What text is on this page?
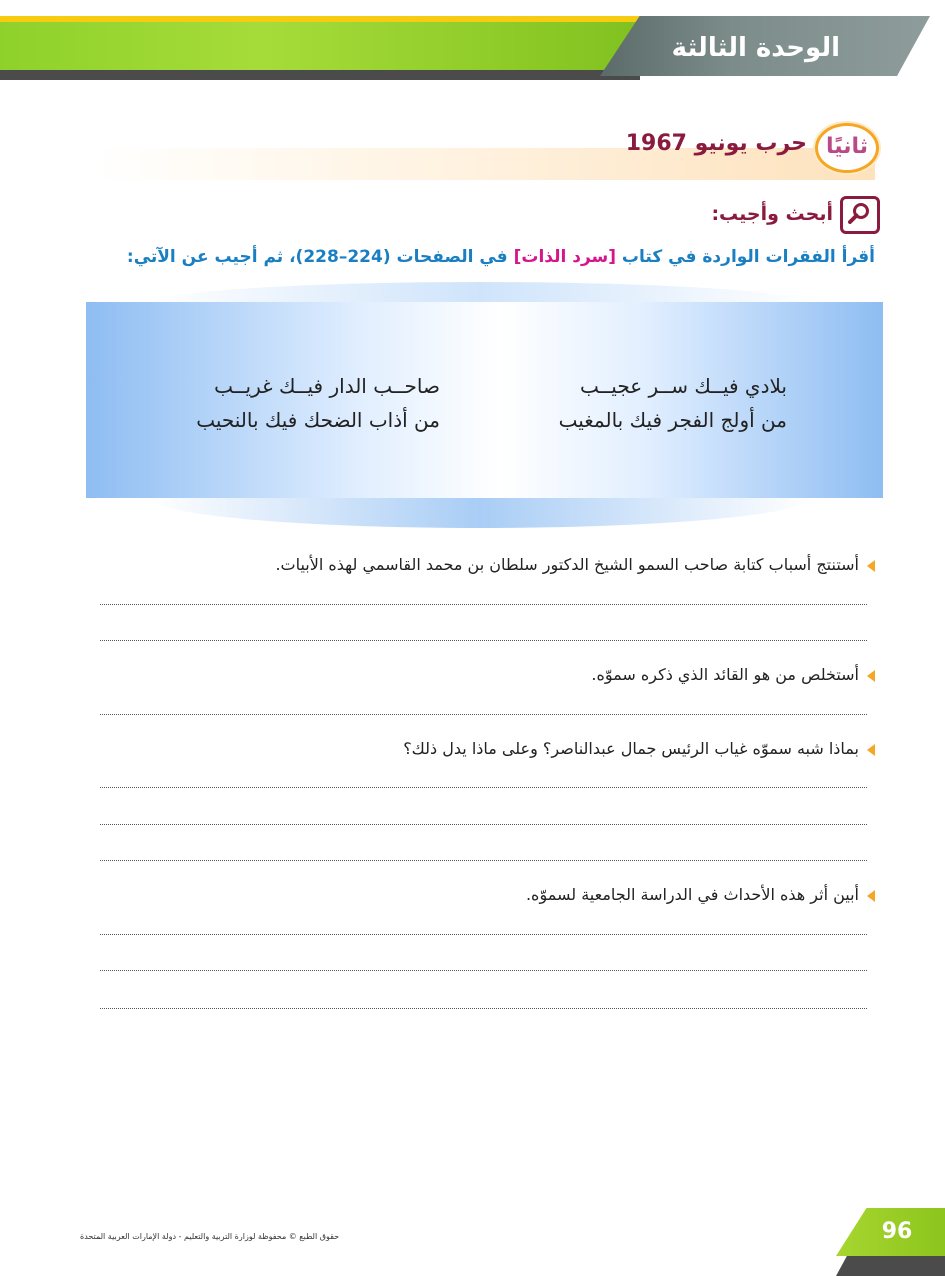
الوحدة الثالثة
ثانيًا
حرب يونيو 1967
أبحث وأجيب:
أقرأ الفقرات الواردة في كتاب [سرد الذات] في الصفحات (224–228)، ثم أجيب عن الآتي:
بلادي فيــك ســر عجيــب
صاحــب الدار فيــك غريــب
من أولج الفجر فيك بالمغيب
من أذاب الضحك فيك بالنحيب
أستنتج أسباب كتابة صاحب السمو الشيخ الدكتور سلطان بن محمد القاسمي لهذه الأبيات.
أستخلص من هو القائد الذي ذكره سموّه.
بماذا شبه سموّه غياب الرئيس جمال عبدالناصر؟ وعلى ماذا يدل ذلك؟
أبين أثر هذه الأحداث في الدراسة الجامعية لسموّه.
حقوق الطبع © محفوظة لوزارة التربية والتعليم - دولة الإمارات العربية المتحدة	96
